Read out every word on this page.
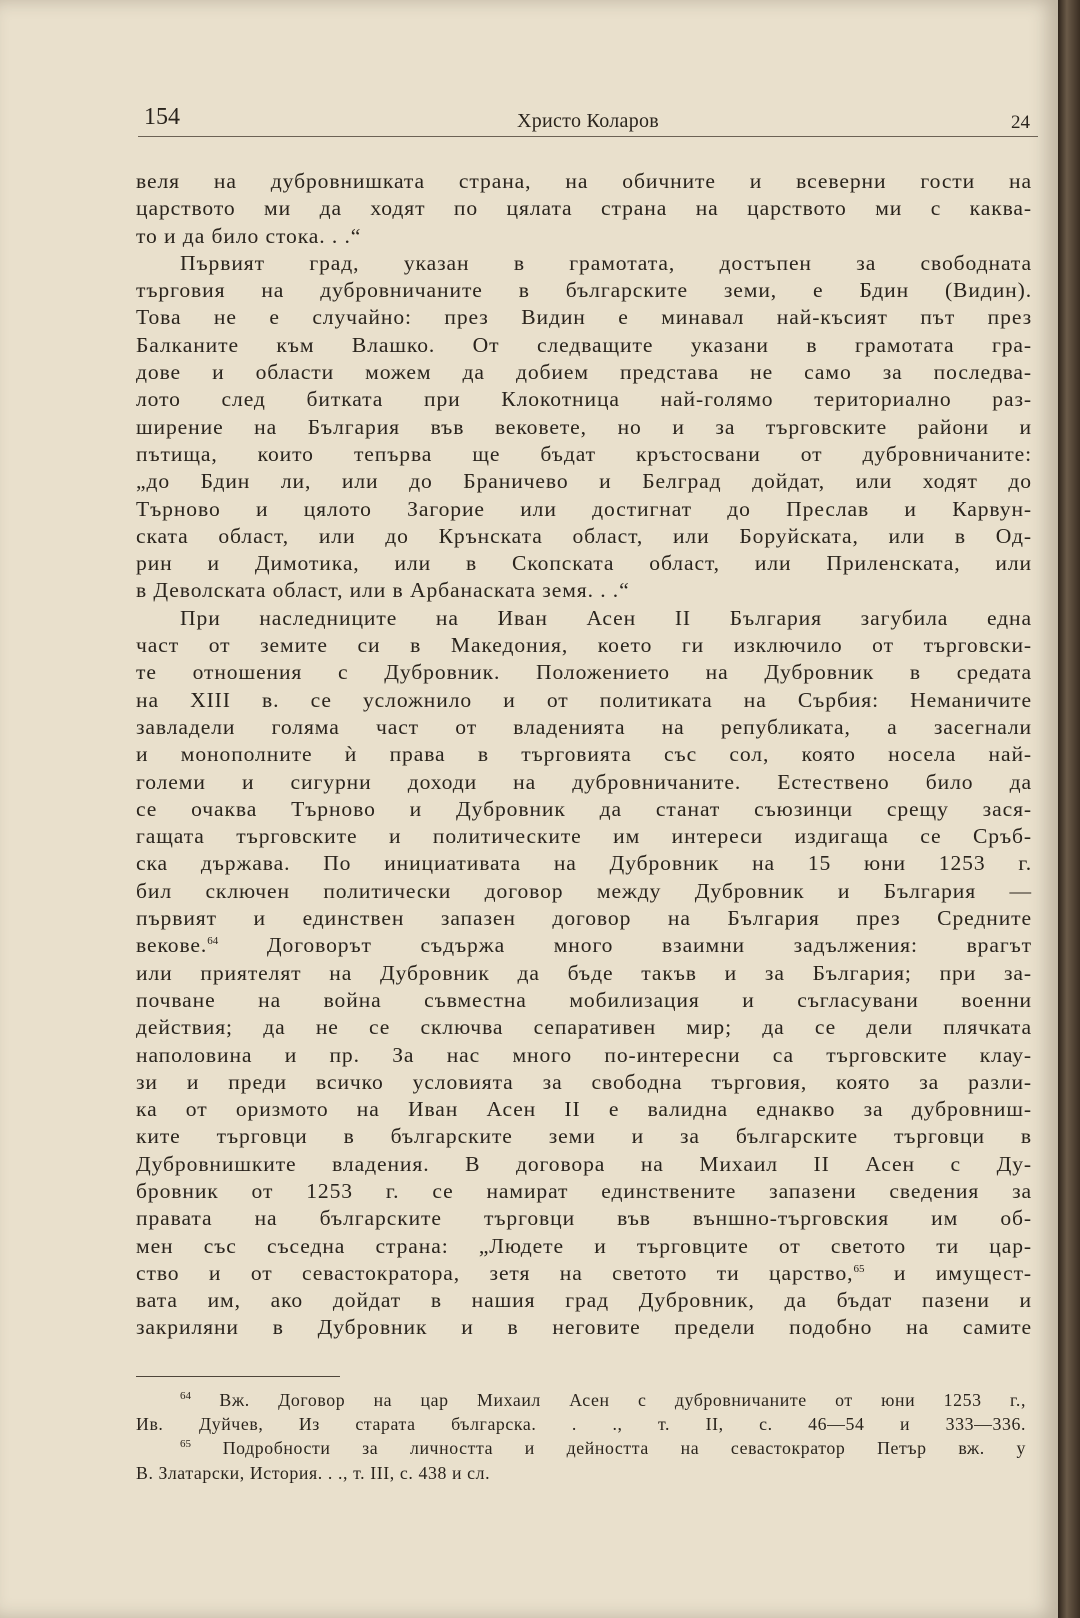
154	Христо Коларов	24

веля на дубровнишката страна, на обичните и всеверни гости на

царството ми да ходят по цялата страна на царството ми с каква-

то и да било стока. . .“

Първият град, указан в грамотата, достъпен за свободната

търговия на дубровничаните в българските земи, е Бдин (Видин).

Това не е случайно: през Видин е минавал най-късият път през

Балканите към Влашко. От следващите указани в грамотата гра-

дове и области можем да добием представа не само за последва-

лото след битката при Клокотница най-голямо териториално раз-

ширение на България във вековете, но и за търговските райони и

пътища, които тепърва ще бъдат кръстосвани от дубровничаните:

„до Бдин ли, или до Браничево и Белград дойдат, или ходят до

Търново и цялото Загорие или достигнат до Преслав и Карвун-

ската област, или до Крънската област, или Боруйската, или в Од-

рин и Димотика, или в Скопската област, или Приленската, или

в Деволската област, или в Арбанаската земя. . .“

При наследниците на Иван Асен II България загубила една

част от земите си в Македония, което ги изключило от търговски-

те отношения с Дубровник. Положението на Дубровник в средата

на XIII в. се усложнило и от политиката на Сърбия: Неманичите

завладели голяма част от владенията на републиката, а засегнали

и монополните ѝ права в търговията със сол, която носела най-

големи и сигурни доходи на дубровничаните. Естествено било да

се очаква Търново и Дубровник да станат съюзинци срещу зася-

гащата търговските и политическите им интереси издигаща се Сръб-

ска държава. По инициативата на Дубровник на 15 юни 1253 г.

бил сключен политически договор между Дубровник и България —

първият и единствен запазен договор на България през Средните

векове.$^{64}$ Договорът съдържа много взаимни задължения: врагът

или приятелят на Дубровник да бъде такъв и за България; при за-

почване на война съвместна мобилизация и съгласувани военни

действия; да не се сключва сепаративен мир; да се дели плячката

наполовина и пр. За нас много по-интересни са търговските клау-

зи и преди всичко условията за свободна търговия, която за разли-

ка от оризмото на Иван Асен II е валидна еднакво за дубровниш-

ките търговци в българските земи и за българските търговци в

Дубровнишките владения. В договора на Михаил II Асен с Ду-

бровник от 1253 г. се намират единствените запазени сведения за

правата на българските търговци във външно-търговския им об-

мен със съседна страна: „Людете и търговците от светото ти цар-

ство и от севастократора, зетя на светото ти царство,$^{65}$ и имущест-

вата им, ако дойдат в нашия град Дубровник, да бъдат пазени и

закриляни в Дубровник и в неговите предели подобно на самите

$^{64}$ Вж. Договор на цар Михаил Асен с дубровничаните от юни 1253 г.,

Ив. Дуйчев, Из старата българска. . ., т. II, с. 46—54 и 333—336.

$^{65}$ Подробности за личността и дейността на севастократор Петър вж. у

В. Златарски, История. . ., т. III, с. 438 и сл.
